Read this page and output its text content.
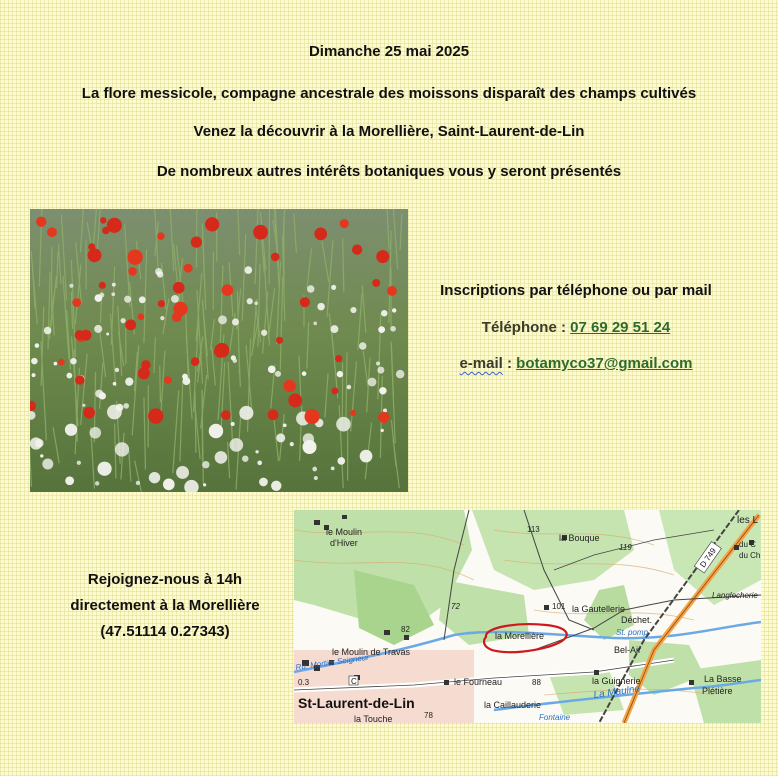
Dimanche 25 mai 2025
La flore messicole, compagne ancestrale des moissons disparaît des champs cultivés
Venez la découvrir à la Morellière, Saint-Laurent-de-Lin
De nombreux autres intérêts botaniques vous y seront présentés
Inscriptions par téléphone ou par mail
Téléphone : 07 69 29 51 24
e-mail : botamyco37@gmail.com
Rejoignez-nous à 14h
directement à la Morellière
(47.51114 0.27343)
le Moulin
d'Hiver	la Bouque
la Gautellerie
la Morellière
le Moulin de Travas
le Fourneau	la Guignerie	La Basse
Plétière
la Caillauderie
Bel-Air
Déchet.
Langlecherie
les L
du C
du Ch
la Touche
0.3
113
119
101
72
82
88
78
Ru. Mortier Seigneur
Fontaine
La Maulne
St. pomp
St-Laurent-de-Lin
D 749
C
